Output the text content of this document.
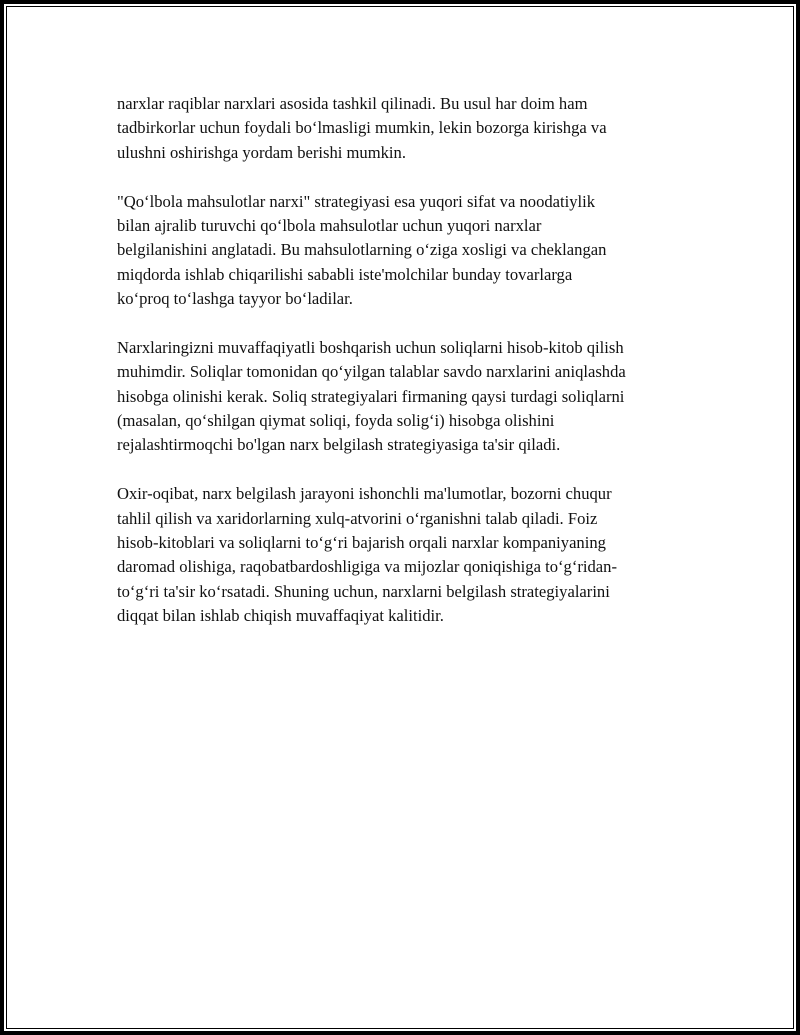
narxlar raqiblar narxlari asosida tashkil qilinadi. Bu usul har doim ham
tadbirkorlar uchun foydali bo‘lmasligi mumkin, lekin bozorga kirishga va
ulushni oshirishga yordam berishi mumkin.

"Qo‘lbola mahsulotlar narxi" strategiyasi esa yuqori sifat va noodatiylik
bilan ajralib turuvchi qo‘lbola mahsulotlar uchun yuqori narxlar
belgilanishini anglatadi. Bu mahsulotlarning o‘ziga xosligi va cheklangan
miqdorda ishlab chiqarilishi sababli iste'molchilar bunday tovarlarga
ko‘proq to‘lashga tayyor bo‘ladilar.

Narxlaringizni muvaffaqiyatli boshqarish uchun soliqlarni hisob-kitob qilish
muhimdir. Soliqlar tomonidan qo‘yilgan talablar savdo narxlarini aniqlashda
hisobga olinishi kerak. Soliq strategiyalari firmaning qaysi turdagi soliqlarni
(masalan, qo‘shilgan qiymat soliqi, foyda solig‘i) hisobga olishini
rejalashtirmoqchi bo'lgan narx belgilash strategiyasiga ta'sir qiladi.

Oxir-oqibat, narx belgilash jarayoni ishonchli ma'lumotlar, bozorni chuqur
tahlil qilish va xaridorlarning xulq-atvorini o‘rganishni talab qiladi. Foiz
hisob-kitoblari va soliqlarni to‘g‘ri bajarish orqali narxlar kompaniyaning
daromad olishiga, raqobatbardoshligiga va mijozlar qoniqishiga to‘g‘ridan-
to‘g‘ri ta'sir ko‘rsatadi. Shuning uchun, narxlarni belgilash strategiyalarini
diqqat bilan ishlab chiqish muvaffaqiyat kalitidir.
